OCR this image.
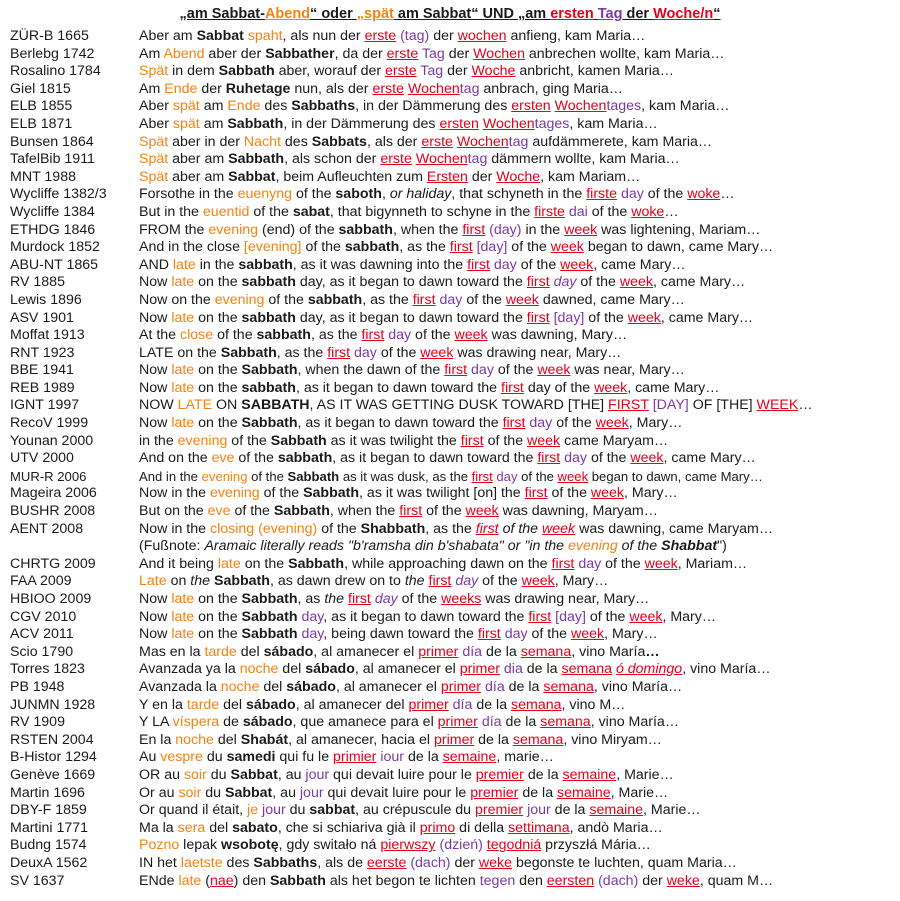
„am Sabbat-Abend“ oder „spät am Sabbat“ UND „am ersten Tag der Woche/n“
ZÜR-B 1665	Aber am Sabbat spaht, als nun der erste (tag) der wochen anfieng, kam Maria…
Berlebg 1742	Am Abend aber der Sabbather, da der erste Tag der Wochen anbrechen wollte, kam Maria…
Rosalino 1784	Spät in dem Sabbath aber, worauf der erste Tag der Woche anbricht, kamen Maria…
Giel 1815	Am Ende der Ruhetage nun, als der erste Wochentag anbrach, ging Maria…
ELB 1855	Aber spät am Ende des Sabbaths, in der Dämmerung des ersten Wochentages, kam Maria…
ELB 1871	Aber spät am Sabbath, in der Dämmerung des ersten Wochentages, kam Maria…
Bunsen 1864	Spät aber in der Nacht des Sabbats, als der erste Wochentag aufdämmerete, kam Maria…
TafelBib 1911	Spät aber am Sabbath, als schon der erste Wochentag dämmern wollte, kam Maria…
MNT 1988	Spät aber am Sabbat, beim Aufleuchten zum Ersten der Woche, kam Mariam…
Wycliffe 1382/3 Forsothe in the euenyng of the saboth, or haliday, that schyneth in the firste day of the woke…
Wycliffe 1384	But in the euentid of the sabat, that bigynneth to schyne in the firste dai of the woke…
ETHDG 1846	FROM the evening (end) of the sabbath, when the first (day) in the week was lightening, Mariam…
Murdock 1852	And in the close [evening] of the sabbath, as the first [day] of the week began to dawn, came Mary…
ABU-NT 1865	AND late in the sabbath, as it was dawning into the first day of the week, came Mary…
RV 1885	Now late on the sabbath day, as it began to dawn toward the first day of the week, came Mary…
Lewis 1896	Now on the evening of the sabbath, as the first day of the week dawned, came Mary…
ASV 1901	Now late on the sabbath day, as it began to dawn toward the first [day] of the week, came Mary…
Moffat 1913	At the close of the sabbath, as the first day of the week was dawning, Mary…
RNT 1923	LATE on the Sabbath, as the first day of the week was drawing near, Mary…
BBE 1941	Now late on the Sabbath, when the dawn of the first day of the week was near, Mary…
REB 1989	Now late on the sabbath, as it began to dawn toward the first day of the week, came Mary…
IGNT 1997	NOW LATE ON SABBATH, AS IT WAS GETTING DUSK TOWARD [THE] FIRST [DAY] OF [THE] WEEK…
RecoV 1999	Now late on the Sabbath, as it began to dawn toward the first day of the week, Mary…
Younan 2000	in the evening of the Sabbath as it was twilight the first of the week came Maryam…
UTV 2000	And on the eve of the sabbath, as it began to dawn toward the first day of the week, came Mary…
MUR-R 2006	And in the evening of the Sabbath as it was dusk, as the first day of the week began to dawn, came Mary…
Mageira 2006	Now in the evening of the Sabbath, as it was twilight [on] the first of the week, Mary…
BUSHR 2008	But on the eve of the Sabbath, when the first of the week was dawning, Maryam…
AENT 2008	Now in the closing (evening) of the Shabbath, as the first of the week was dawning, came Maryam…
(Fußnote: Aramaic literally reads "b'ramsha din b'shabata" or "in the evening of the Shabbat")
CHRTG 2009	And it being late on the Sabbath, while approaching dawn on the first day of the week, Mariam…
FAA 2009	Late on the Sabbath, as dawn drew on to the first day of the week, Mary…
HBIOO 2009	Now late on the Sabbath, as the first day of the weeks was drawing near, Mary…
CGV 2010	Now late on the Sabbath day, as it began to dawn toward the first [day] of the week, Mary…
ACV 2011	Now late on the Sabbath day, being dawn toward the first day of the week, Mary…
Scio 1790	Mas en la tarde del sábado, al amanecer el primer día de la semana, vino María…
Torres 1823	Avanzada ya la noche del sábado, al amanecer el primer dia de la semana ó domingo, vino María…
PB 1948	Avanzada la noche del sábado, al amanecer el primer día de la semana, vino María…
JUNMN 1928	Y en la tarde del sábado, al amanecer del primer día de la semana, vino M…
RV 1909	Y LA víspera de sábado, que amanece para el primer día de la semana, vino María…
RSTEN 2004	En la noche del Shabát, al amanecer, hacia el primer de la semana, vino Miryam…
B-Histor 1294	Au vespre du samedi qui fu le primier iour de la semaine, marie…
Genève 1669	OR au soir du Sabbat, au jour qui devait luire pour le premier de la semaine, Marie…
Martin 1696	Or au soir du Sabbat, au jour qui devait luire pour le premier de la semaine, Marie…
DBY-F 1859	Or quand il était, je jour du sabbat, au crépuscule du premier jour de la semaine, Marie…
Martini 1771	Ma la sera del sabato, che si schiariva già il primo di della settimana, andò Maria…
Budng 1574	Pozno lepak wsobotę, gdy switało ná pierwszy (dzień) tegodniá przyszłá Mária…
DeuxA 1562	IN het laetste des Sabbaths, als de eerste (dach) der weke begonste te luchten, quam Maria…
SV 1637	ENde late (nae) den Sabbath als het begon te lichten tegen den eersten (dach) der weke, quam M…
